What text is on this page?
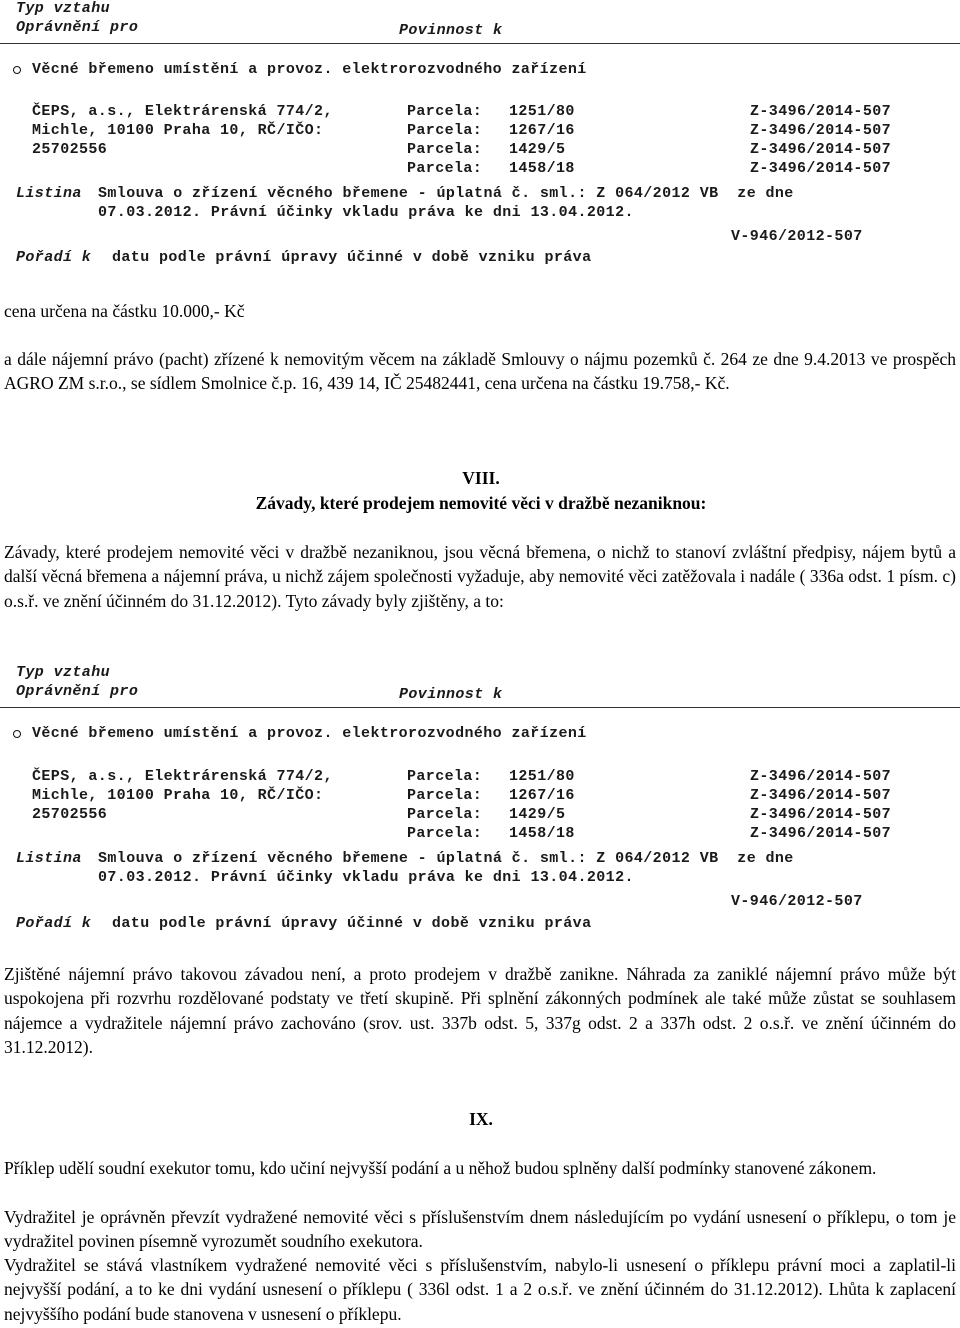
Typ vztahu
Oprávnění pro	Povinnost k
Věcné břemeno umístění a provoz. elektrorozvodného zařízení
ČEPS, a.s., Elektrárenská 774/2,
Michle, 10100 Praha 10, RČ/IČO:
25702556
Parcela: 1251/80	Z-3496/2014-507
Parcela: 1267/16	Z-3496/2014-507
Parcela: 1429/5	Z-3496/2014-507
Parcela: 1458/18	Z-3496/2014-507
Listina Smlouva o zřízení věcného břemene - úplatná č. sml.: Z 064/2012 VB  ze dne
07.03.2012. Právní účinky vkladu práva ke dni 13.04.2012.
V-946/2012-507
Pořadí k datu podle právní úpravy účinné v době vzniku práva
cena určena na částku 10.000,- Kč
a dále nájemní právo (pacht) zřízené k nemovitým věcem na základě Smlouvy o nájmu pozemků č. 264 ze dne 9.4.2013 ve prospěch AGRO ZM s.r.o., se sídlem Smolnice č.p. 16, 439 14, IČ 25482441, cena určena na částku 19.758,- Kč.
VIII.
Závady, které prodejem nemovité věci v dražbě nezaniknou:
Závady, které prodejem nemovité věci v dražbě nezaniknou, jsou věcná břemena, o nichž to stanoví zvláštní předpisy, nájem bytů a další věcná břemena a nájemní práva, u nichž zájem společnosti vyžaduje, aby nemovité věci zatěžovala i nadále ( 336a odst. 1 písm. c) o.s.ř. ve znění účinném do 31.12.2012). Tyto závady byly zjištěny, a to:
Typ vztahu
Oprávnění pro	Povinnost k
Věcné břemeno umístění a provoz. elektrorozvodného zařízení
ČEPS, a.s., Elektrárenská 774/2,
Michle, 10100 Praha 10, RČ/IČO:
25702556
Parcela: 1251/80	Z-3496/2014-507
Parcela: 1267/16	Z-3496/2014-507
Parcela: 1429/5	Z-3496/2014-507
Parcela: 1458/18	Z-3496/2014-507
Listina Smlouva o zřízení věcného břemene - úplatná č. sml.: Z 064/2012 VB  ze dne
07.03.2012. Právní účinky vkladu práva ke dni 13.04.2012.
V-946/2012-507
Pořadí k datu podle právní úpravy účinné v době vzniku práva
Zjištěné nájemní právo takovou závadou není, a proto prodejem v dražbě zanikne. Náhrada za zaniklé nájemní právo může být uspokojena při rozvrhu rozdělované podstaty ve třetí skupině. Při splnění zákonných podmínek ale také může zůstat se souhlasem nájemce a vydražitele nájemní právo zachováno (srov. ust. 337b odst. 5, 337g odst. 2 a 337h odst. 2 o.s.ř. ve znění účinném do 31.12.2012).
IX.
Příklep udělí soudní exekutor tomu, kdo učiní nejvyšší podání a u něhož budou splněny další podmínky stanovené zákonem.
Vydražitel je oprávněn převzít vydražené nemovité věci s příslušenstvím dnem následujícím po vydání usnesení o příklepu, o tom je vydražitel povinen písemně vyrozumět soudního exekutora.
Vydražitel se stává vlastníkem vydražené nemovité věci s příslušenstvím, nabylo-li usnesení o příklepu právní moci a zaplatil-li nejvyšší podání, a to ke dni vydání usnesení o příklepu ( 336l odst. 1 a 2 o.s.ř. ve znění účinném do 31.12.2012). Lhůta k zaplacení nejvyššího podání bude stanovena v usnesení o příklepu.
